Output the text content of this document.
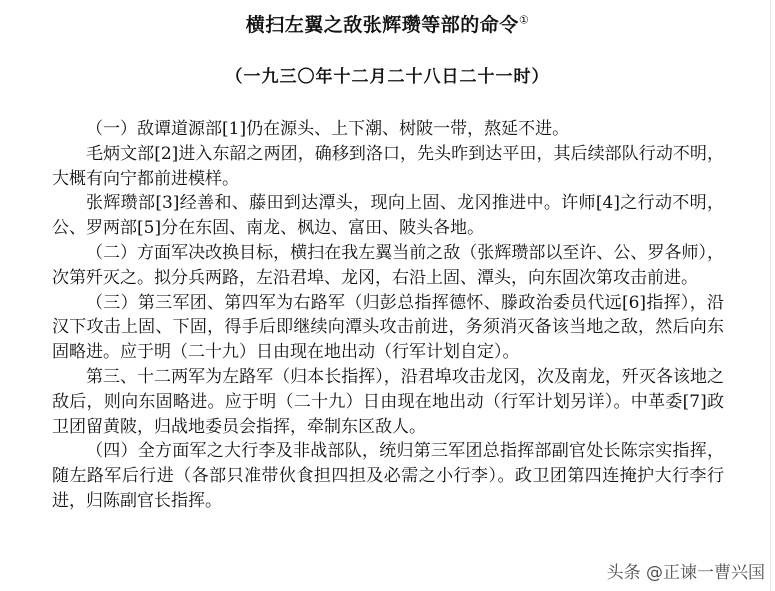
横扫左翼之敌张辉瓒等部的命令①
（一九三〇年十二月二十八日二十一时）

（一）敌谭道源部[1]仍在源头、上下潮、树陂一带，熬延不进。

毛炳文部[2]进入东韶之两团，确移到洛口，先头昨到达平田，其后续部队行动不明，大概有向宁都前进模样。

张辉瓒部[3]经善和、藤田到达潭头，现向上固、龙冈推进中。许师[4]之行动不明，公、罗两部[5]分在东固、南龙、枫边、富田、陂头各地。

（二）方面军决改换目标，横扫在我左翼当前之敌（张辉瓒部以至许、公、罗各师），次第歼灭之。拟分兵两路，左沿君埠、龙冈，右沿上固、潭头，向东固次第攻击前进。

（三）第三军团、第四军为右路军（归彭总指挥德怀、滕政治委员代远[6]指挥），沿汉下攻击上固、下固，得手后即继续向潭头攻击前进，务须消灭备该当地之敌，然后向东固略进。应于明（二十九）日由现在地出动（行军计划自定）。

第三、十二两军为左路军（归本长指挥），沿君埠攻击龙冈，次及南龙，歼灭各该地之敌后，则向东固略进。应于明（二十九）日由现在地出动（行军计划另详）。中革委[7]政卫团留黄陂，归战地委员会指挥，牵制东区敌人。

（四）全方面军之大行李及非战部队，统归第三军团总指挥部副官处长陈宗实指挥，随左路军后行进（各部只准带伙食担四担及必需之小行李）。政卫团第四连掩护大行李行进，归陈副官长指挥。

头条 @正谏一曹兴国
